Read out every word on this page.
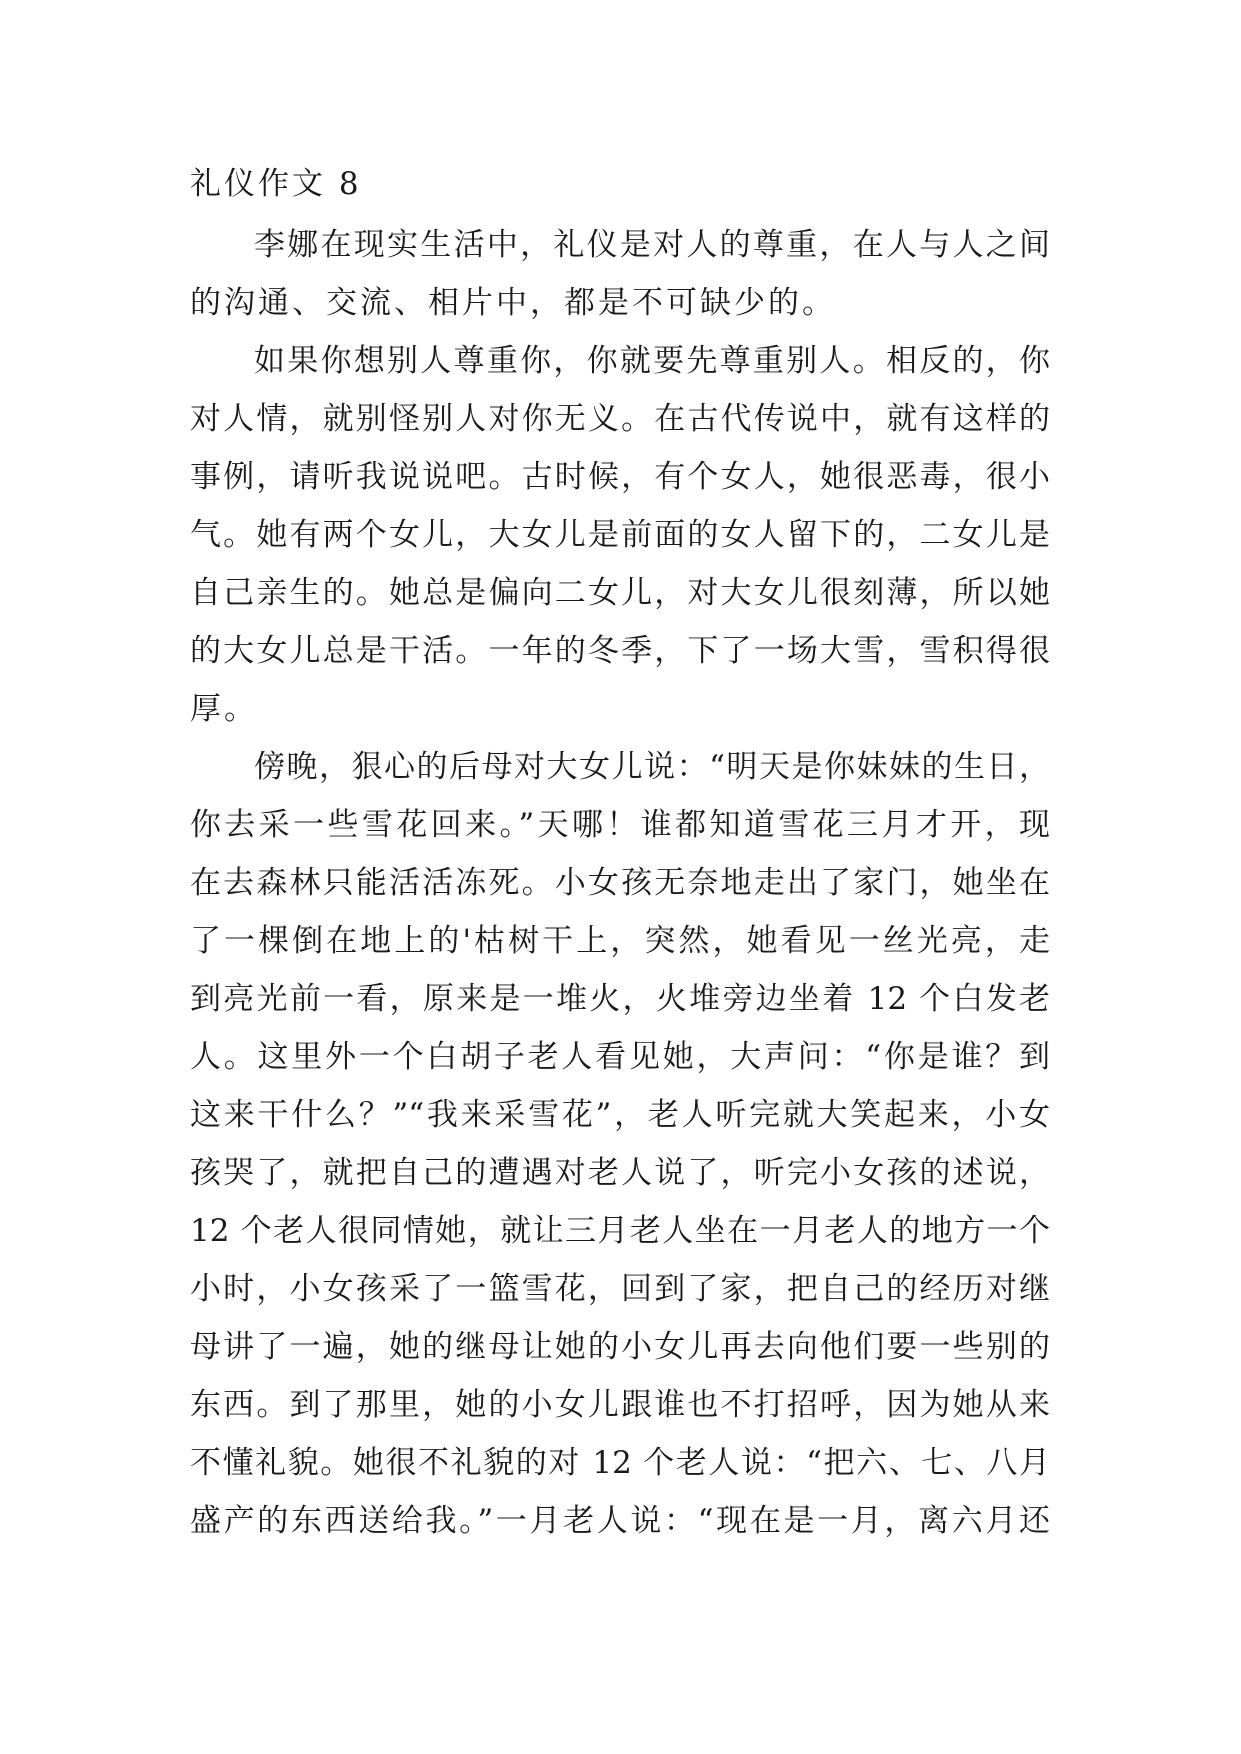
礼仪作文 8

李娜在现实生活中，礼仪是对人的尊重，在人与人之间
的沟通、交流、相片中，都是不可缺少的。

如果你想别人尊重你，你就要先尊重别人。相反的，你
对人情，就别怪别人对你无义。在古代传说中，就有这样的
事例，请听我说说吧。古时候，有个女人，她很恶毒，很小
气。她有两个女儿，大女儿是前面的女人留下的，二女儿是
自己亲生的。她总是偏向二女儿，对大女儿很刻薄，所以她
的大女儿总是干活。一年的冬季，下了一场大雪，雪积得很
厚。

傍晚，狠心的后母对大女儿说：“明天是你妹妹的生日，
你去采一些雪花回来。”天哪！谁都知道雪花三月才开，现
在去森林只能活活冻死。小女孩无奈地走出了家门，她坐在
了一棵倒在地上的'枯树干上，突然，她看见一丝光亮，走
到亮光前一看，原来是一堆火，火堆旁边坐着 12 个白发老
人。这里外一个白胡子老人看见她，大声问：“你是谁？到
这来干什么？”“我来采雪花”，老人听完就大笑起来，小女
孩哭了，就把自己的遭遇对老人说了，听完小女孩的述说，
12 个老人很同情她，就让三月老人坐在一月老人的地方一个
小时，小女孩采了一篮雪花，回到了家，把自己的经历对继
母讲了一遍，她的继母让她的小女儿再去向他们要一些别的
东西。到了那里，她的小女儿跟谁也不打招呼，因为她从来
不懂礼貌。她很不礼貌的对 12 个老人说：“把六、七、八月
盛产的东西送给我。”一月老人说：“现在是一月，离六月还
